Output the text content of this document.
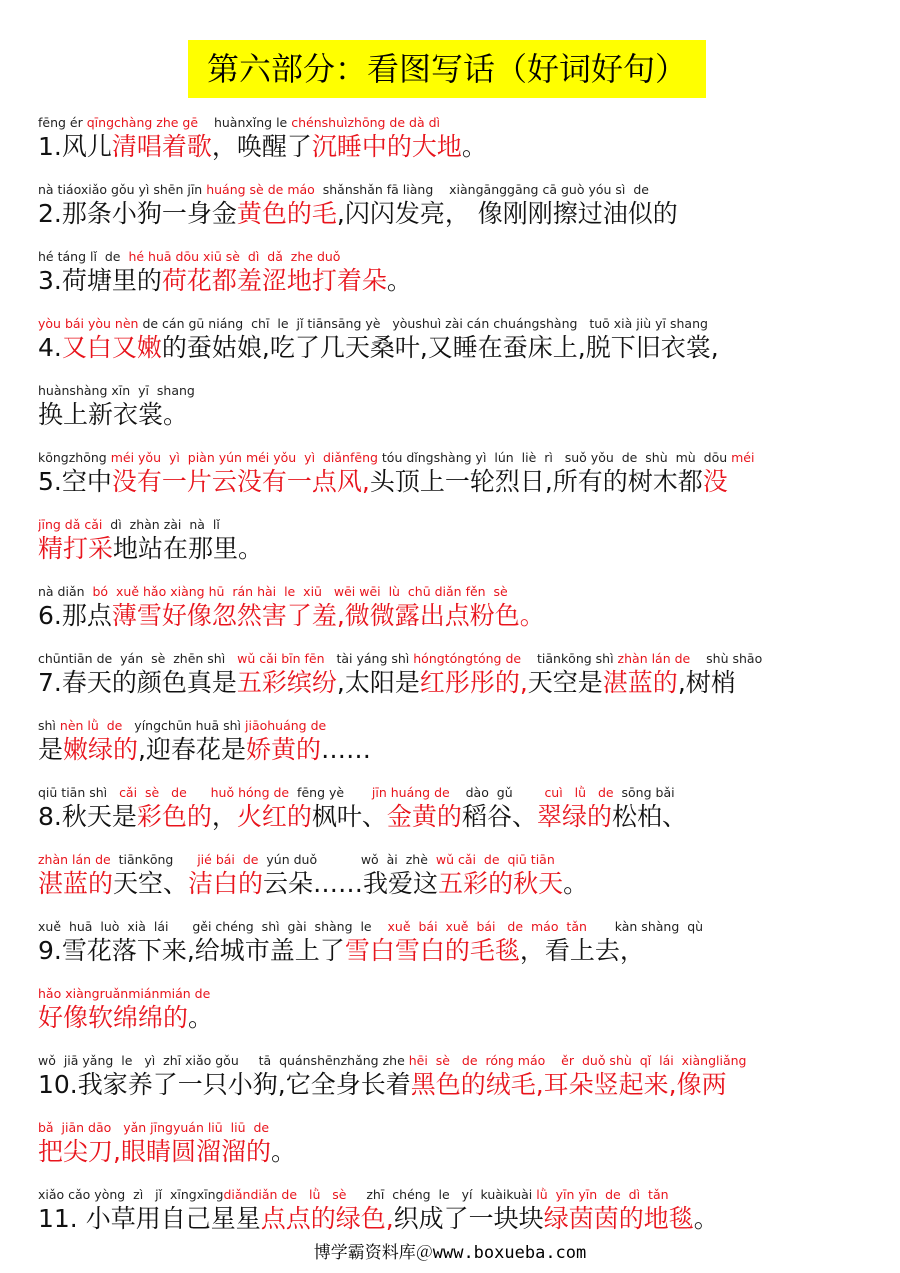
第六部分：看图写话（好词好句）
fēng ér qīngchàng zhe gē    huànxǐng le chénshuìzhōng de dà dì
1.风儿清唱着歌，唤醒了沉睡中的大地。
nà tiáoxiǎo gǒu yì shēn jīn huáng sè de máo  shǎnshǎn fā liàng    xiàngānggāng cā guò yóu sì  de
2.那条小狗一身金黄色的毛,闪闪发亮， 像刚刚擦过油似的
hé táng lǐ  de  hé huā dōu xiū sè  dì  dǎ  zhe duǒ
3.荷塘里的荷花都羞涩地打着朵。
yòu bái yòu nèn de cán gū niáng  chī  le  jǐ tiānsāng yè   yòushuì zài cán chuángshàng   tuō xià jiù yī shang
4.又白又嫩的蚕姑娘,吃了几天桑叶,又睡在蚕床上,脱下旧衣裳,
huànshàng xīn  yī  shang
换上新衣裳。
kōngzhōng méi yǒu  yì  piàn yún méi yǒu  yì  diǎnfēng tóu dǐngshàng yì  lún  liè  rì   suǒ yǒu  de  shù  mù  dōu méi
5.空中没有一片云没有一点风,头顶上一轮烈日,所有的树木都没
jīng dǎ cǎi  dì  zhàn zài  nà  lǐ
精打采地站在那里。
nà diǎn  bó  xuě hǎo xiàng hū  rán hài  le  xiū   wēi wēi  lù  chū diǎn fěn  sè
6.那点薄雪好像忽然害了羞,微微露出点粉色。
chūntiān de  yán  sè  zhēn shì   wǔ cǎi bīn fēn   tài yáng shì hóngtóngtóng de    tiānkōng shì zhàn lán de    shù shāo
7.春天的颜色真是五彩缤纷,太阳是红彤彤的,天空是湛蓝的,树梢
shì nèn lǜ  de   yíngchūn huā shì jiāohuáng de
是嫩绿的,迎春花是娇黄的……
qiū tiān shì   cǎi  sè   de huǒ hóng de  fēng yè       jīn huáng de    dào  gǔ        cuì   lǜ   de  sōng bǎi
8.秋天是彩色的，火红的枫叶、金黄的稻谷、翠绿的松柏、
zhàn lán de  tiānkōng      jié bái  de  yún duǒ           wǒ  ài  zhè  wǔ cǎi  de  qiū tiān
湛蓝的天空、洁白的云朵……我爱这五彩的秋天。
xuě  huā  luò  xià  lái      gěi chéng  shì  gài  shàng  le    xuě  bái  xuě  bái   de  máo  tǎn       kàn shàng  qù
9.雪花落下来,给城市盖上了雪白雪白的毛毯，看上去，
hǎo xiàngruǎnmiánmián de
好像软绵绵的。
wǒ  jiā yǎng  le   yì  zhī xiǎo gǒu     tā  quánshēnzhǎng zhe hēi  sè   de  róng máo    ěr  duǒ shù  qǐ  lái  xiàngliǎng
10.我家养了一只小狗,它全身长着黑色的绒毛,耳朵竖起来,像两
bǎ  jiān dāo   yǎn jīngyuán liū  liū  de
把尖刀,眼睛圆溜溜的。
xiǎo cǎo yòng  zì   jǐ  xīngxīngdiǎndiǎn de   lǜ   sè     zhī  chéng  le   yí  kuàikuài lǜ  yīn yīn  de  dì  tǎn
11. 小草用自己星星点点的绿色,织成了一块块绿茵茵的地毯。
博学霸资料库＠www.boxueba.com
